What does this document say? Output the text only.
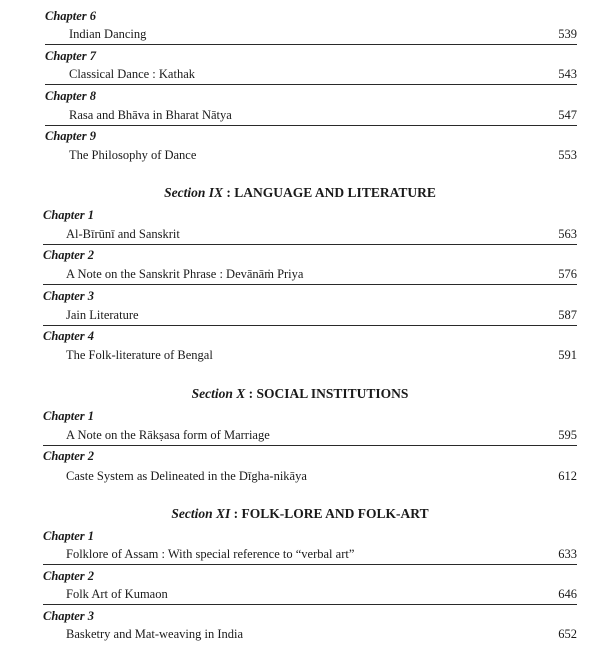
Chapter 6
Indian Dancing	539
Chapter 7
Classical Dance : Kathak	543
Chapter 8
Rasa and Bhāva in Bharat Nātya	547
Chapter 9
The Philosophy of Dance	553
Section IX : LANGUAGE AND LITERATURE
Chapter 1
Al-Bīrūnī and Sanskrit	563
Chapter 2
A Note on the Sanskrit Phrase : Devānāṁ Priya	576
Chapter 3
Jain Literature	587
Chapter 4
The Folk-literature of Bengal	591
Section X : SOCIAL INSTITUTIONS
Chapter 1
A Note on the Rākṣasa form of Marriage	595
Chapter 2
Caste System as Delineated in the Dīgha-nikāya	612
Section XI : FOLK-LORE AND FOLK-ART
Chapter 1
Folklore of Assam : With special reference to “verbal art”	633
Chapter 2
Folk Art of Kumaon	646
Chapter 3
Basketry and Mat-weaving in India	652
